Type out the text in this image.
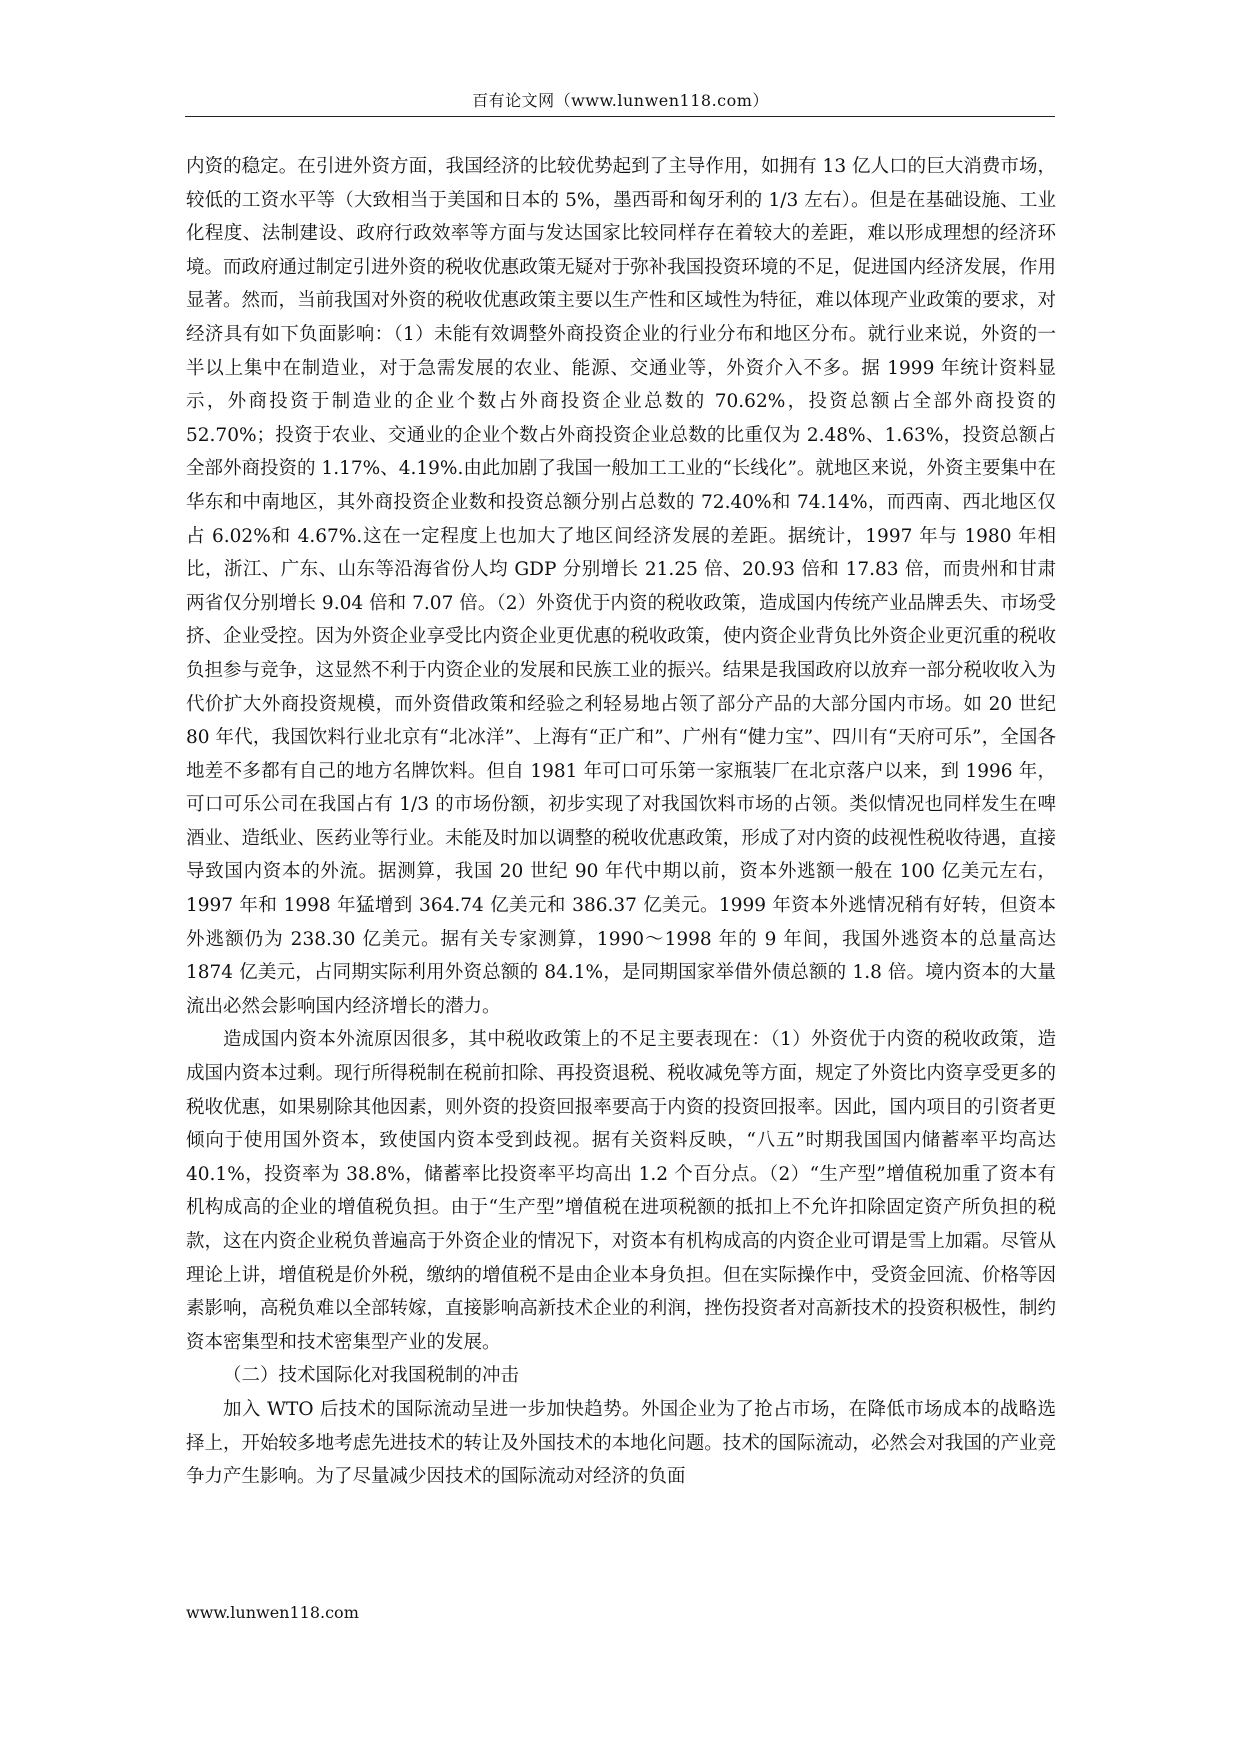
百有论文网（www.lunwen118.com）

内资的稳定。在引进外资方面，我国经济的比较优势起到了主导作用，如拥有 13 亿人口的巨大消费市场，较低的工资水平等（大致相当于美国和日本的 5%，墨西哥和匈牙利的 1/3 左右）。但是在基础设施、工业化程度、法制建设、政府行政效率等方面与发达国家比较同样存在着较大的差距，难以形成理想的经济环境。而政府通过制定引进外资的税收优惠政策无疑对于弥补我国投资环境的不足，促进国内经济发展，作用显著。然而，当前我国对外资的税收优惠政策主要以生产性和区域性为特征，难以体现产业政策的要求，对经济具有如下负面影响：（1）未能有效调整外商投资企业的行业分布和地区分布。就行业来说，外资的一半以上集中在制造业，对于急需发展的农业、能源、交通业等，外资介入不多。据 1999 年统计资料显示，外商投资于制造业的企业个数占外商投资企业总数的 70.62%，投资总额占全部外商投资的 52.70%；投资于农业、交通业的企业个数占外商投资企业总数的比重仅为 2.48%、1.63%，投资总额占全部外商投资的 1.17%、4.19%.由此加剧了我国一般加工工业的“长线化”。就地区来说，外资主要集中在华东和中南地区，其外商投资企业数和投资总额分别占总数的 72.40%和 74.14%，而西南、西北地区仅占 6.02%和 4.67%.这在一定程度上也加大了地区间经济发展的差距。据统计，1997 年与 1980 年相比，浙江、广东、山东等沿海省份人均 GDP 分别增长 21.25 倍、20.93 倍和 17.83 倍，而贵州和甘肃两省仅分别增长 9.04 倍和 7.07 倍。（2）外资优于内资的税收政策，造成国内传统产业品牌丢失、市场受挤、企业受控。因为外资企业享受比内资企业更优惠的税收政策，使内资企业背负比外资企业更沉重的税收负担参与竞争，这显然不利于内资企业的发展和民族工业的振兴。结果是我国政府以放弃一部分税收收入为代价扩大外商投资规模，而外资借政策和经验之利轻易地占领了部分产品的大部分国内市场。如 20 世纪 80 年代，我国饮料行业北京有“北冰洋”、上海有“正广和”、广州有“健力宝”、四川有“天府可乐”，全国各地差不多都有自己的地方名牌饮料。但自 1981 年可口可乐第一家瓶装厂在北京落户以来，到 1996 年，可口可乐公司在我国占有 1/3 的市场份额，初步实现了对我国饮料市场的占领。类似情况也同样发生在啤酒业、造纸业、医药业等行业。未能及时加以调整的税收优惠政策，形成了对内资的歧视性税收待遇，直接导致国内资本的外流。据测算，我国 20 世纪 90 年代中期以前，资本外逃额一般在 100 亿美元左右，1997 年和 1998 年猛增到 364.74 亿美元和 386.37 亿美元。1999 年资本外逃情况稍有好转，但资本外逃额仍为 238.30 亿美元。据有关专家测算，1990～1998 年的 9 年间，我国外逃资本的总量高达 1874 亿美元，占同期实际利用外资总额的 84.1%，是同期国家举借外债总额的 1.8 倍。境内资本的大量流出必然会影响国内经济增长的潜力。

造成国内资本外流原因很多，其中税收政策上的不足主要表现在：（1）外资优于内资的税收政策，造成国内资本过剩。现行所得税制在税前扣除、再投资退税、税收减免等方面，规定了外资比内资享受更多的税收优惠，如果剔除其他因素，则外资的投资回报率要高于内资的投资回报率。因此，国内项目的引资者更倾向于使用国外资本，致使国内资本受到歧视。据有关资料反映，“八五”时期我国国内储蓄率平均高达 40.1%，投资率为 38.8%，储蓄率比投资率平均高出 1.2 个百分点。（2）“生产型”增值税加重了资本有机构成高的企业的增值税负担。由于“生产型”增值税在进项税额的抵扣上不允许扣除固定资产所负担的税款，这在内资企业税负普遍高于外资企业的情况下，对资本有机构成高的内资企业可谓是雪上加霜。尽管从理论上讲，增值税是价外税，缴纳的增值税不是由企业本身负担。但在实际操作中，受资金回流、价格等因素影响，高税负难以全部转嫁，直接影响高新技术企业的利润，挫伤投资者对高新技术的投资积极性，制约资本密集型和技术密集型产业的发展。

（二）技术国际化对我国税制的冲击

加入 WTO 后技术的国际流动呈进一步加快趋势。外国企业为了抢占市场，在降低市场成本的战略选择上，开始较多地考虑先进技术的转让及外国技术的本地化问题。技术的国际流动，必然会对我国的产业竞争力产生影响。为了尽量减少因技术的国际流动对经济的负面

www.lunwen118.com
